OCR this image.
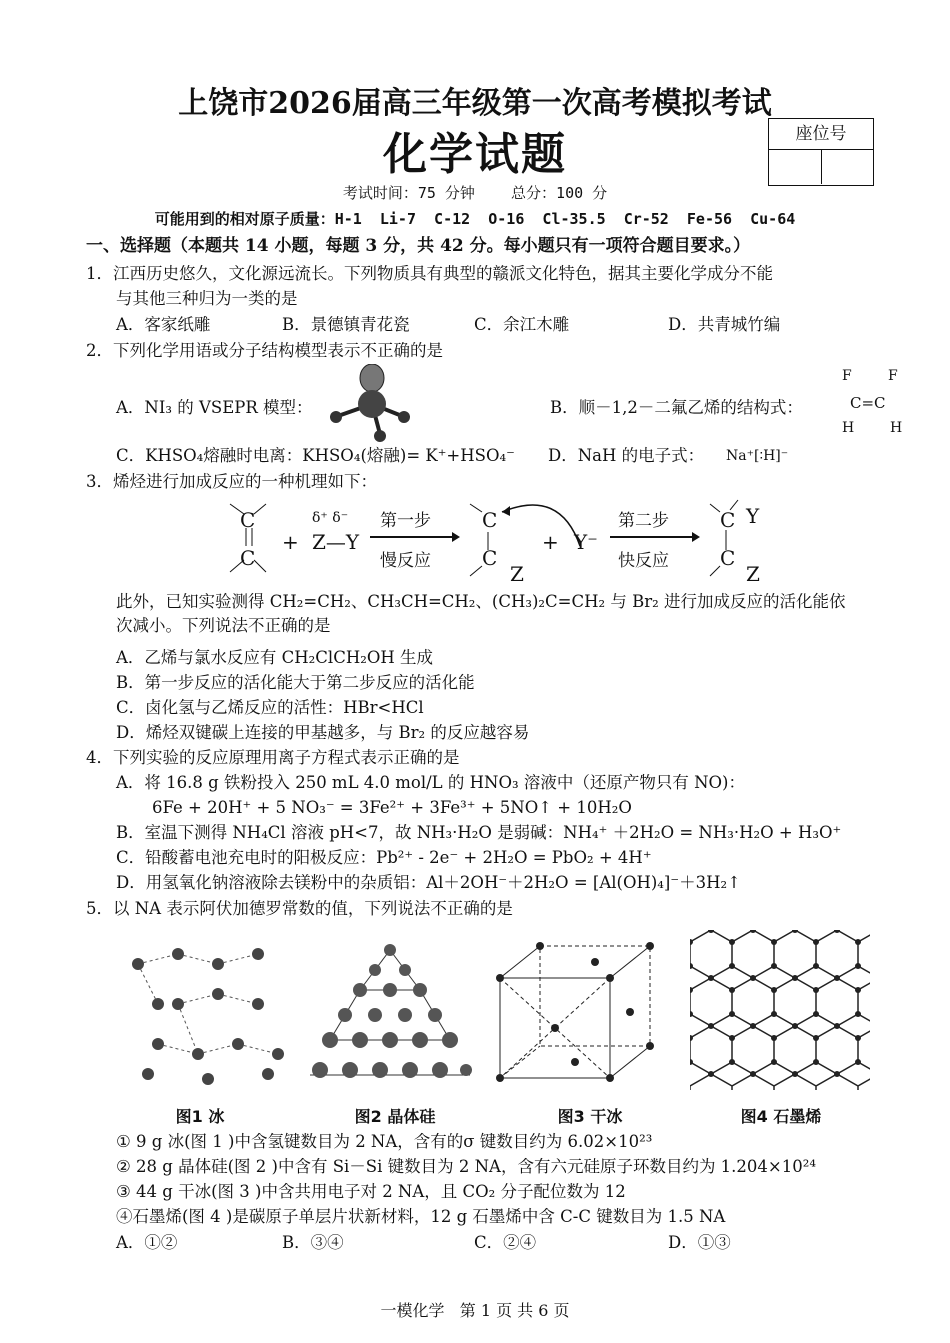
上饶市2026届高三年级第一次高考模拟考试
化学试题	座位号
考试时间：75 分钟    总分：100 分
可能用到的相对原子质量：H-1  Li-7  C-12  O-16  Cl-35.5  Cr-52  Fe-56  Cu-64
一、选择题（本题共 14 小题，每题 3 分，共 42 分。每小题只有一项符合题目要求。）
1．江西历史悠久，文化源远流长。下列物质具有典型的赣派文化特色，据其主要化学成分不能
与其他三种归为一类的是
A．客家纸雕	B．景德镇青花瓷	C．余江木雕	D．共青城竹编
2．下列化学用语或分子结构模型表示不正确的是
A．NI₃ 的 VSEPR 模型：	B．顺－1,2－二氟乙烯的结构式：
F	F
C=C
H	H
C．KHSO₄熔融时电离：KHSO₄(熔融)= K⁺+HSO₄⁻ D．NaH 的电子式： Na⁺[∶H]⁻
3．烯烃进行加成反应的一种机理如下：
C
C
+
δ⁺ δ⁻
Z—Y
第一步
慢反应
C
C
Z
+ Y⁻
第二步
快反应
C Y
C
Z
此外，已知实验测得 CH₂=CH₂、CH₃CH=CH₂、(CH₃)₂C=CH₂ 与 Br₂ 进行加成反应的活化能依
次减小。下列说法不正确的是
A．乙烯与氯水反应有 CH₂ClCH₂OH 生成
B．第一步反应的活化能大于第二步反应的活化能
C．卤化氢与乙烯反应的活性：HBr<HCl
D．烯烃双键碳上连接的甲基越多，与 Br₂ 的反应越容易
4．下列实验的反应原理用离子方程式表示正确的是
A．将 16.8 g 铁粉投入 250 mL 4.0 mol/L 的 HNO₃ 溶液中（还原产物只有 NO)：
6Fe + 20H⁺ + 5 NO₃⁻ = 3Fe²⁺ + 3Fe³⁺ + 5NO↑ + 10H₂O
B．室温下测得 NH₄Cl 溶液 pH<7，故 NH₃·H₂O 是弱碱：NH₄⁺ ＋2H₂O = NH₃·H₂O + H₃O⁺
C．铅酸蓄电池充电时的阳极反应：Pb²⁺ - 2e⁻ + 2H₂O = PbO₂ + 4H⁺
D．用氢氧化钠溶液除去镁粉中的杂质铝：Al＋2OH⁻＋2H₂O = [Al(OH)₄]⁻＋3H₂↑
5．以 NA 表示阿伏加德罗常数的值，下列说法不正确的是
图1 冰	图2 晶体硅	图3 干冰	图4 石墨烯
① 9 g 冰(图 1 )中含氢键数目为 2 NA，含有的σ 键数目约为 6.02×10²³
② 28 g 晶体硅(图 2 )中含有 Si－Si 键数目为 2 NA，含有六元硅原子环数目约为 1.204×10²⁴
③ 44 g 干冰(图 3 )中含共用电子对 2 NA，且 CO₂ 分子配位数为 12
④石墨烯(图 4 )是碳原子单层片状新材料，12 g 石墨烯中含 C-C 键数目为 1.5 NA
A．①②	B．③④	C．②④	D．①③
一模化学   第 1 页 共 6 页
